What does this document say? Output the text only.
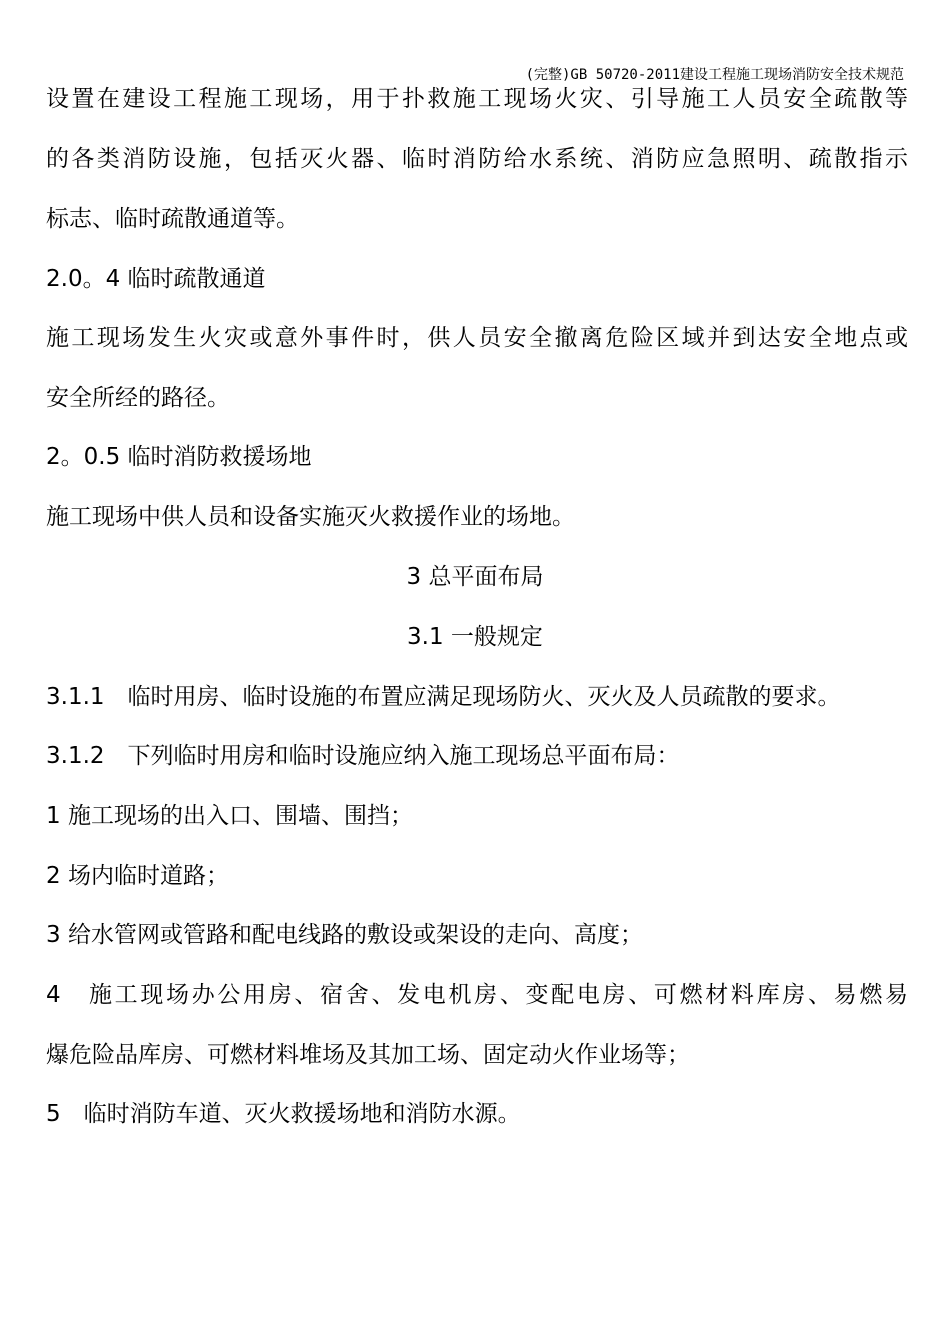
(完整)GB 50720-2011建设工程施工现场消防安全技术规范
设置在建设工程施工现场，用于扑救施工现场火灾、引导施工人员安全疏散等
的各类消防设施，包括灭火器、临时消防给水系统、消防应急照明、疏散指示
标志、临时疏散通道等。
2.0。4 临时疏散通道
施工现场发生火灾或意外事件时，供人员安全撤离危险区域并到达安全地点或
安全所经的路径。
2。0.5 临时消防救援场地
施工现场中供人员和设备实施灭火救援作业的场地。
3 总平面布局
3.1 一般规定
3.1.1　临时用房、临时设施的布置应满足现场防火、灭火及人员疏散的要求。
3.1.2　下列临时用房和临时设施应纳入施工现场总平面布局：
1 施工现场的出入口、围墙、围挡；
2 场内临时道路；
3 给水管网或管路和配电线路的敷设或架设的走向、高度；
4　施工现场办公用房、宿舍、发电机房、变配电房、可燃材料库房、易燃易
爆危险品库房、可燃材料堆场及其加工场、固定动火作业场等；
5　临时消防车道、灭火救援场地和消防水源。
